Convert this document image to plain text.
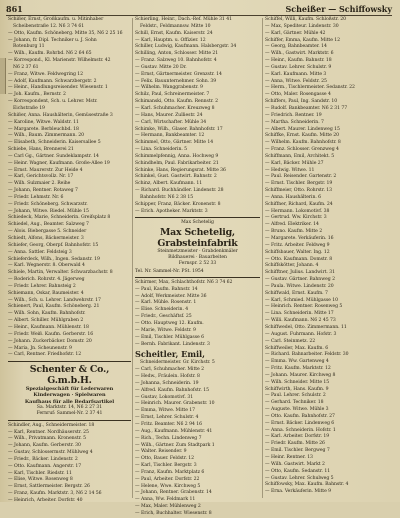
861	Scheißer — Schiffowsky
Schißer, Ernst, Großkaufm. u. Mitinhaber
Scheibenstraße 12. N6 3 74 61
— Otto, Kaufm. Schöneberg. Mitte 35, N6 2 25 16
— Johann, fr. Dipl. Techniker u. J. Sohn
Rotenburg 11
— Wilh., Kaufm. Rohrbd. N6 2 64 65
— Korrespond., Kl. Marienstr. Wilhelmstr. 42
N6 2 37 61
— Franz, Witwe. Feldwegring 12
— Adolf, Kaufmann. Schwarzbergstr. 2
— Heinr., Handlungsreisender. Wiesenstr. 1
— Joh. Kaufm., Bernstr. 2
— Korrespondent, Sch. u. Lehrer. Mstr.
Eichstraße 19
Schißer, Anna. Haushälterin, Gemüsestraße 3
— Karoline, Witwe. Waldstr. 11
— Margarete. Berbleuchbd. 18
— Wilh., Baum. Zimmermann. 20
— Elisabeth, Schneiderin. Kaisersallee 5
Schiebe, Hans, Brennerei 21
— Carl Gg., Gärtner. Sundeklampstr. 14
— Heinr. Wagner, Kaufmann. Große-Allee 19
— Ernst. Maurerstr. Zur Heide 4
— Karl, Gerichtsvollz. Nr. 17
— Wilh. Sulzmaier 2. Reihe
— Johann, Rentner. Rotaweg 7
— Friedr. Lehmstr. Nr. 6
— Friedr. Schöneberg. Schwarzstr.
— Johann, Witwe. Riedel. Mühle 15
Schiedeck, Marie, Schneiderin. Greifsplatz 8
Schiedel, Aug., Beamter. Salzweg 7
— Alois. Biebergasse 5. Schneider
Schiedt, Alfons, Bäckermeister. 3
Schiefer, Georg, Oberpf. Bahnhofstr. 15
— Anna. Sattler. Feldsteig 3
Schieferdeck, Wilh., Ingen. Sedanstr. 19
— Karl. Wegnerstr. 8. Oberwald 4
Schiele, Martin, Verwalter. Schwarzbachstr. 8
— Roderich. Rohrstr. 4. Jägerweg
— Friedr. Lehrer. Bahnsteig 2
Schiemann, Oskar, Baumeister. 4
— Wilh., Sch. u. Lehrer. Landwehrstr. 17
Schienert, Paul, Kaufm. Schöneberg. 21
— Wilh. Sohn, Kaufm. Bahnhofstr.
— Albert. Schiller. Mühlgraben 2
— Heinr., Kaufmann. Mühlenstr. 18
— Friedr. Weiß. Kaufm. Gerberstr. 16
— Johann. Zuckerbäcker. Domstr. 20
— Maria, Jn. Scheunenstr. 9
— Carl, Rentner. Friedhofstr. 12
Schenter & Co., G.m.b.H.
Spezialgeschäft für Lederwaren
Kinderwagen · Spielwaren
Kaufhaus für alle Bedarfsartikel
Sa. Marktstr. 14, N6 2 27 31
Fernruf: Sammel-Nr. 2 37 41
Schindler, Aug., Schneidermeister. 18
— Karl, Rentner. Nordhäuserstr. 25
— Wilh., Privatmann. Kronenstr. 5
— Johann, Kaufm. Gerberstr. 30
— Gustav, Schlossermstr. Mühlweg 4
— Friedr., Bäcker. Lindenstr. 2
— Otto. Kaufmann. Angerstr. 17
— Karl, Tischler. Riedstr. 11
— Elise, Witwe. Rosenweg 8
— Ernst, Sattlermeister. Bergstr. 26
— Franz, Kaufm. Marktstr. 3, N6 2 14 56
— Heinrich, Arbeiter. Dorfstr. 40
Schierling, Heinr., Dach.-Ref. Mühle 31 41
Feldstr., Feldmannsw. Mitte 10
Schill, Ernst, Kaufm. Kaiserstr. 24
— Karl, Hauptm. u. Offizier. 12
Schiller, Ludwig, Kaufmann. Halsbergstr. 34
Schilling, Anton, Schlosser. Mitte 21
— Franz. Salzweg 10. Bahnhofstr. 4
— Gustav. Mitte 20 Dr.
— Ernst, Gärtnermeister. Grenzstr. 14
— Felix. Bauunternehmer. Sohn. 39
— Wilhelm. Wanggrabenstr. 9
Schilz, Paul, Schreinermeister. 7
Schimanski, Otto. Kaufm. Rennstr. 2
— Karl. Schuhmacher. Kreuzweg 8
— Hans, Maurer. Zulliestr. 24
— Carl, Wirtschafter. Mühle 34
Schimke, Wilh., Glaser. Bahnhofstr. 17
— Hermann, Bankbeamter. 12
Schimmel, Otto, Gärtner. Mitte 14
— Lina. Schneiderin. 5
Schimmelpfennig, Anna. Hochweg 9
Schindhelm, Paul. Fabrikarbeiter. 21
Schinke, Hans, Regierungsrat. Mitte 36
Schinkel, Gust. Gastwirt. Bahnstr. 2
Schinz, Albert. Kaufmann. 11
— Richard. Buchhändler. Lindenstr. 28
Bahnhofstr. N6 2 38 15
Schipper, Franz, Bäcker. Kronenstr. 8
— Erich. Apotheker. Marktstr. 3
Max Schetelig
Max Schetelig, Grabsteinfabrik
Steinmetzmeister · Grabdenkmäler
Bildhauerei · Bauarbeiten
Fernspr. 2 52 33
Tel. Nr. Sammel-Nr. PSt. 1954
Schirmer, Max, Schlachthofstr. N6 3 74 62
— Paul, Kaufm. Bahnstr. 14
— Adolf, Werkmeister. Mitte 36
— Karl. Mühle. Rosenstr. 1
— Elise. Schneiderin. 4
— Friedr., Geschäftsf. 25
— Otto. Hauptweg 12. Kaufm.
— Marie, Witwe. Feldstr. 9
— Emil, Tischler. Mühlgasse 6
— Bernh. Fabrikant. Lindenstr. 3
Scheitler, Emil,
Schneidermeister. Gr. Kirchstr. 5
— Carl, Schuhmacher. Mitte 2
— Hedw., Fräulein. Hofstr. 8
— Johanna, Schneiderin. 19
— Alfred. Kaufm. Bahnhofstr. 15
— Gustav, Lokomotivf. 31
— Heinrich. Maurer. Grabenstr. 10
— Emma, Witwe. Mitte 17
— Ernst, Lehrer. Schulstr. 4
— Fritz. Beamter. N6 2 94 16
— Aug., Kaufmann. Mühlenstr. 41
— Rich., Techn. Lindenweg 7
— Wilh., Gärtner. Zum Stadtpark 1
— Walter. Reisender. 9
— Otto, Bauer. Feldstr. 12
— Karl, Tischler. Bergstr. 3
— Franz, Kaufm. Marktplatz 6
— Paul, Arbeiter. Dorfstr. 22
— Helene, Wwe. Kirchweg 5
— Johann, Rentner. Grabenstr. 14
— Anna, Ww. Feldmark 11
— Max, Maler. Mühlenweg 2
— Erich, Buchhalter. Wiesenstr. 8
Schiffel, Willi, Kaufm. Schloßstr. 20
— Max, Spediteur. Lindenstr. 30
— Karl, Gärtner. Mühle 42
Schiffer, Emma, Kaufm. Mitte 12
— Georg, Bahnbeamter. 14
— Wilh., Gastwirt. Marktstr. 6
— Heinr., Kaufm. Bahnstr. 18
— Gustav. Lehrer. Schulstr. 9
— Karl. Kaufmann. Mitte 3
— Anna, Witwe. Feldstr. 25
— Herm., Tischlermeister. Sedanstr. 22
— Otto, Maler. Rosengasse 4
Schiffers, Paul, Ing. Sandstr. 10
— Rudolf. Bankbeamter. N6 2 31 77
— Friedrich. Rentner. 19
— Martha. Schneiderin. 7
— Albert. Maurer. Lindenweg 15
Schiffke, Ernst. Kaufm. Mitte 20
— Wilhelm. Kaufm. Bahnhofstr. 8
— Franz. Schlosser. Grenzweg 4
Schiffmann, Emil, Architekt. 5
— Karl, Bäcker. Mühle 27
— Hedwig. Witwe. 11
— Paul. Reisender. Gartenstr. 2
— Ernst. Tischler. Bergstr. 19
Schiffmeier, Otto. Rohrstr. 13
— Anna. Haushälterin. 6
Schiffner, Richard, Kaufm. 24
— Hermann. Lokomotivf. 38
— Gertrud. Ww. Kirchstr. 3
— Alfred. Elektriker. 14
— Bruno. Kaufm. Mitte 2
— Margarete. Verkäuferin. 16
— Fritz. Arbeiter. Feldweg 9
Schiffsbauer, Walter. Ing. 12
— Otto. Kaufmann. Domstr. 8
Schiffskötter, Johann. 4
Schifftner, Julius. Landwirt. 31
— Gustav. Gärtner. Bahnweg 2
— Paula. Witwe. Lindenstr. 20
Schiffwald, Ernst. Kaufm. 7
— Karl, Schmied. Mühlgasse 10
— Heinrich. Rentner. Rosenweg 5
— Lina. Schneiderin. Mitte 17
— Willi. Kaufmann. N6 2 45 73
Schiffwedel, Otto. Zimmermann. 11
— August. Fuhrmann. Hofstr. 3
— Carl. Steinmetz. 22
Schiffweiler, Max. Kaufm. 6
— Richard. Bahnarbeiter. Feldstr. 30
— Emma. Ww. Gartenweg 4
— Fritz. Kaufm. Marktstr. 12
— Johann. Maurer. Kirchweg 8
— Wilh. Schneider. Mitte 15
Schiffwirth, Hans. Kaufm. 9
— Paul. Lehrer. Schulstr. 2
— Gerhard. Techniker. 18
— Auguste. Witwe. Mühle 3
— Otto. Kaufm. Bahnhofstr. 27
— Ernst. Bäcker. Lindenweg 6
— Anna. Schneiderin. Hofstr. 1
— Karl. Arbeiter. Dorfstr. 19
— Friedr. Kaufm. Mitte 26
— Emil. Tischler. Bergweg 7
— Heinr. Rentner. 13
— Wilh. Gastwirt. Markt 2
— Otto, Kaufm. Sedanstr. 11
— Gustav. Lehrer. Schulweg 5
Schiffowsky, Max. Kaufm. Bahnstr. 4
— Erna. Verkäuferin. Mitte 9
